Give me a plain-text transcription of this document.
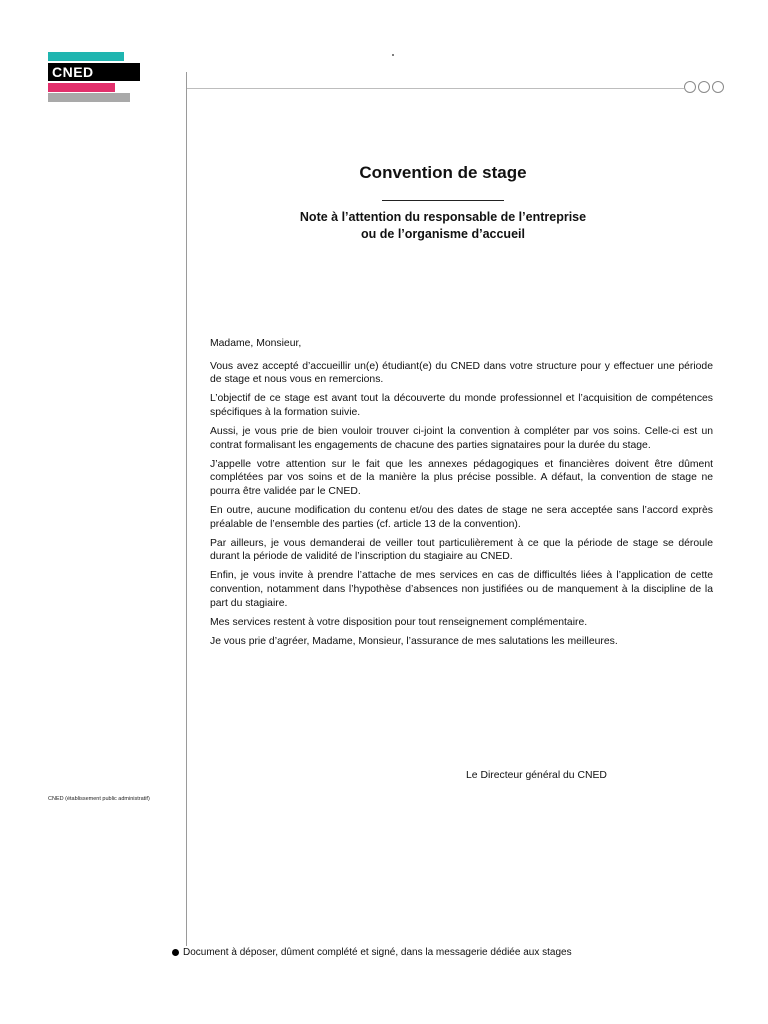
CNED
Convention de stage
Note à l’attention du responsable de l’entreprise
ou de l’organisme d’accueil

Madame, Monsieur,

Vous avez accepté d’accueillir un(e) étudiant(e) du CNED dans votre structure pour y effectuer une période de stage et nous vous en remercions.

L’objectif de ce stage est avant tout la découverte du monde professionnel et l’acquisition de compétences spécifiques à la formation suivie.

Aussi, je vous prie de bien vouloir trouver ci-joint la convention à compléter par vos soins. Celle-ci est un contrat formalisant les engagements de chacune des parties signataires pour la durée du stage.

J’appelle votre attention sur le fait que les annexes pédagogiques et financières doivent être dûment complétées par vos soins et de la manière la plus précise possible. A défaut, la convention de stage ne pourra être validée par le CNED.

En outre, aucune modification du contenu et/ou des dates de stage ne sera acceptée sans l’accord exprès préalable de l’ensemble des parties (cf. article 13 de la convention).

Par ailleurs, je vous demanderai de veiller tout particulièrement à ce que la période de stage se déroule durant la période de validité de l’inscription du stagiaire au CNED.

Enfin, je vous invite à prendre l’attache de mes services en cas de difficultés liées à l’application de cette convention, notamment dans l’hypothèse d’absences non justifiées ou de manquement à la discipline de la part du stagiaire.

Mes services restent à votre disposition pour tout renseignement complémentaire.

Je vous prie d’agréer, Madame, Monsieur, l’assurance de mes salutations les meilleures.

Le Directeur général du CNED
CNED (établissement public administratif)
Document à déposer, dûment complété et signé, dans la messagerie dédiée aux stages
